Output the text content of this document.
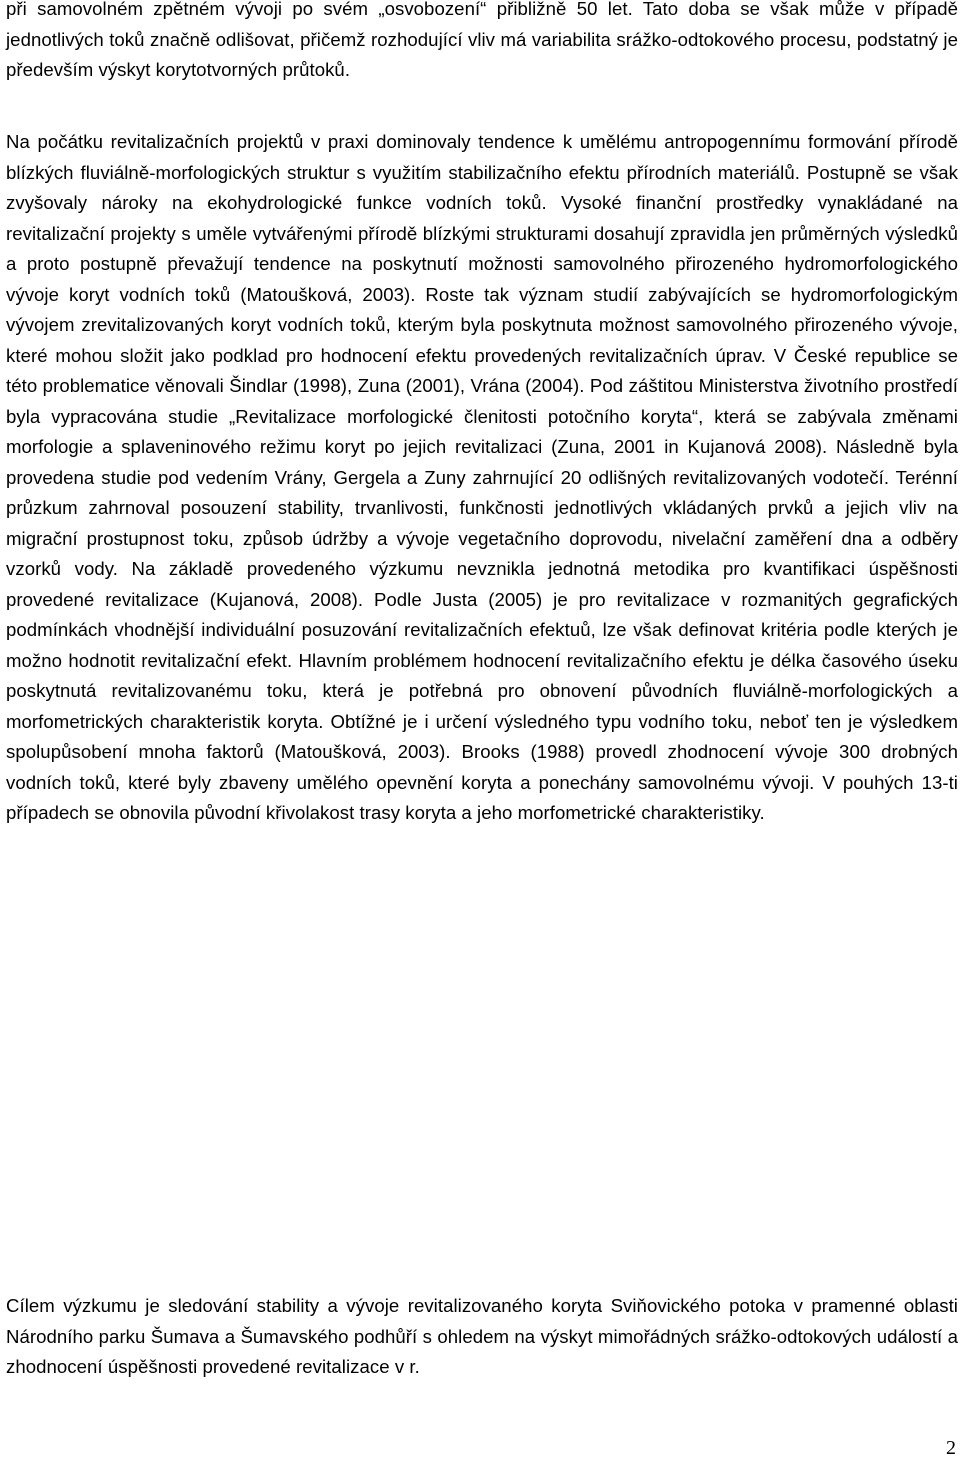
při samovolném zpětném vývoji po svém „osvobození“ přibližně 50 let. Tato doba se však může v případě jednotlivých toků značně odlišovat, přičemž rozhodující vliv má variabilita srážko-odtokového procesu, podstatný je především výskyt korytotvorných průtoků.

Na počátku revitalizačních projektů v praxi dominovaly tendence k umělému antropogennímu formování přírodě blízkých fluviálně-morfologických struktur s využitím stabilizačního efektu přírodních materiálů. Postupně se však zvyšovaly nároky na ekohydrologické funkce vodních toků. Vysoké finanční prostředky vynakládané na revitalizační projekty s uměle vytvářenými přírodě blízkými strukturami dosahují zpravidla jen průměrných výsledků a proto postupně převažují tendence na poskytnutí možnosti samovolného přirozeného hydromorfologického vývoje koryt vodních toků (Matoušková, 2003). Roste tak význam studií zabývajících se hydromorfologickým vývojem zrevitalizovaných koryt vodních toků, kterým byla poskytnuta možnost samovolného přirozeného vývoje, které mohou složit jako podklad pro hodnocení efektu provedených revitalizačních úprav. V České republice se této problematice věnovali Šindlar (1998), Zuna (2001), Vrána (2004). Pod záštitou Ministerstva životního prostředí byla vypracována studie „Revitalizace morfologické členitosti potočního koryta“, která se zabývala změnami morfologie a splaveninového režimu koryt po jejich revitalizaci (Zuna, 2001 in Kujanová 2008). Následně byla provedena studie pod vedením Vrány, Gergela a Zuny zahrnující 20 odlišných revitalizovaných vodotečí. Terénní průzkum zahrnoval posouzení stability, trvanlivosti, funkčnosti jednotlivých vkládaných prvků a jejich vliv na migrační prostupnost toku, způsob údržby a vývoje vegetačního doprovodu, nivelační zaměření dna a odběry vzorků vody. Na základě provedeného výzkumu nevznikla jednotná metodika pro kvantifikaci úspěšnosti provedené revitalizace (Kujanová, 2008). Podle Justa (2005) je pro revitalizace v rozmanitých gegrafických podmínkách vhodnější individuální posuzování revitalizačních efektuů, lze však definovat kritéria podle kterých je možno hodnotit revitalizační efekt. Hlavním problémem hodnocení revitalizačního efektu je délka časového úseku poskytnutá revitalizovanému toku, která je potřebná pro obnovení původních fluviálně-morfologických a morfometrických charakteristik koryta. Obtížné je i určení výsledného typu vodního toku, neboť ten je výsledkem spolupůsobení mnoha faktorů (Matoušková, 2003). Brooks (1988) provedl zhodnocení vývoje 300 drobných vodních toků, které byly zbaveny umělého opevnění koryta a ponechány samovolnému vývoji. V pouhých 13-ti případech se obnovila původní křivolakost trasy koryta a jeho morfometrické charakteristiky.

Cílem výzkumu je sledování stability a vývoje revitalizovaného koryta Sviňovického potoka v pramenné oblasti Národního parku Šumava a Šumavského podhůří s ohledem na výskyt mimořádných srážko-odtokových událostí a zhodnocení úspěšnosti provedené revitalizace v r.

2
